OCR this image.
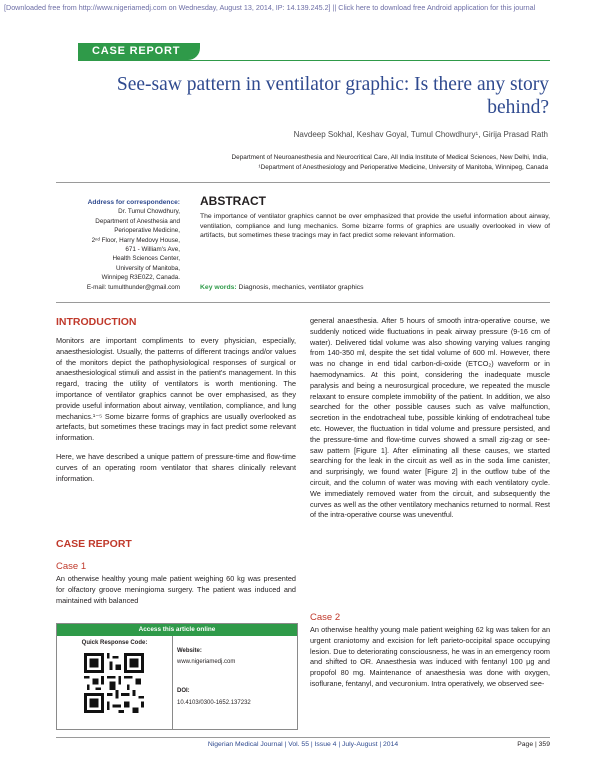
[Downloaded free from http://www.nigeriamedj.com on Wednesday, August 13, 2014, IP: 14.139.245.2] || Click here to download free Android application for this journal
CASE REPORT
See-saw pattern in ventilator graphic: Is there any story behind?
Navdeep Sokhal, Keshav Goyal, Tumul Chowdhury¹, Girija Prasad Rath
Department of Neuroanesthesia and Neurocritical Care, All India Institute of Medical Sciences, New Delhi, India,
¹Department of Anesthesiology and Perioperative Medicine, University of Manitoba, Winnipeg, Canada
Address for correspondence:
Dr. Tumul Chowdhury,
Department of Anesthesia and
Perioperative Medicine,
2ⁿᵈ Floor, Harry Medovy House,
671 - William's Ave,
Health Sciences Center,
University of Manitoba,
Winnipeg R3E0Z2, Canada.
E-mail: tumulthunder@gmail.com
ABSTRACT
The importance of ventilator graphics cannot be over emphasized that provide the useful information about airway, ventilation, compliance and lung mechanics. Some bizarre forms of graphics are usually overlooked in view of artifacts, but sometimes these tracings may in fact predict some relevant information.
Key words: Diagnosis, mechanics, ventilator graphics
INTRODUCTION

Monitors are important compliments to every physician, especially, anaesthesiologist. Usually, the patterns of different tracings and/or values of the monitors depict the pathophysiological responses of surgical or anaesthesiological stimuli and assist in the patient's management. In this regard, tracing the utility of ventilators is worth mentioning. The importance of ventilator graphics cannot be over emphasised, as they provide useful information about airway, ventilation, compliance, and lung mechanics.¹⁻⁵ Some bizarre forms of graphics are usually overlooked as artefacts, but sometimes these tracings may in fact predict some relevant information.

Here, we have described a unique pattern of pressure-time and flow-time curves of an operating room ventilator that shares clinically relevant information.

CASE REPORT
Case 1
An otherwise healthy young male patient weighing 60 kg was presented for olfactory groove meningioma surgery. The patient was induced and maintained with balanced
Access this article online
Quick Response Code:
Website:
www.nigeriamedj.com
DOI:
10.4103/0300-1652.137232
general anaesthesia. After 5 hours of smooth intra-operative course, we suddenly noticed wide fluctuations in peak airway pressure (9-16 cm of water). Delivered tidal volume was also showing varying values ranging from 140-350 ml, despite the set tidal volume of 600 ml. However, there was no change in end tidal carbon-di-oxide (ETCO₂) waveform or in haemodynamics. At this point, considering the inadequate muscle paralysis and being a neurosurgical procedure, we repeated the muscle relaxant to ensure complete immobility of the patient. In addition, we also searched for the other possible causes such as valve malfunction, secretion in the endotracheal tube, possible kinking of endotracheal tube etc. However, the fluctuation in tidal volume and pressure persisted, and the pressure-time and flow-time curves showed a small zig-zag or see-saw pattern [Figure 1]. After eliminating all these causes, we started searching for the leak in the circuit as well as in the soda lime canister, and surprisingly, we found water [Figure 2] in the outflow tube of the circuit, and the column of water was moving with each ventilatory cycle. We immediately removed water from the circuit, and subsequently the curves as well as the other ventilatory mechanics returned to normal. Rest of the intra-operative course was uneventful.
Case 2
An otherwise healthy young male patient weighing 62 kg was taken for an urgent craniotomy and excision for left parieto-occipital space occupying lesion. Due to deteriorating consciousness, he was in an emergency room and shifted to OR. Anaesthesia was induced with fentanyl 100 μg and propofol 80 mg. Maintenance of anaesthesia was done with oxygen, isoflurane, fentanyl, and vecuronium. Intra operatively, we observed see-
Nigerian Medical Journal | Vol. 55 | Issue 4 | July-August | 2014	Page | 359
